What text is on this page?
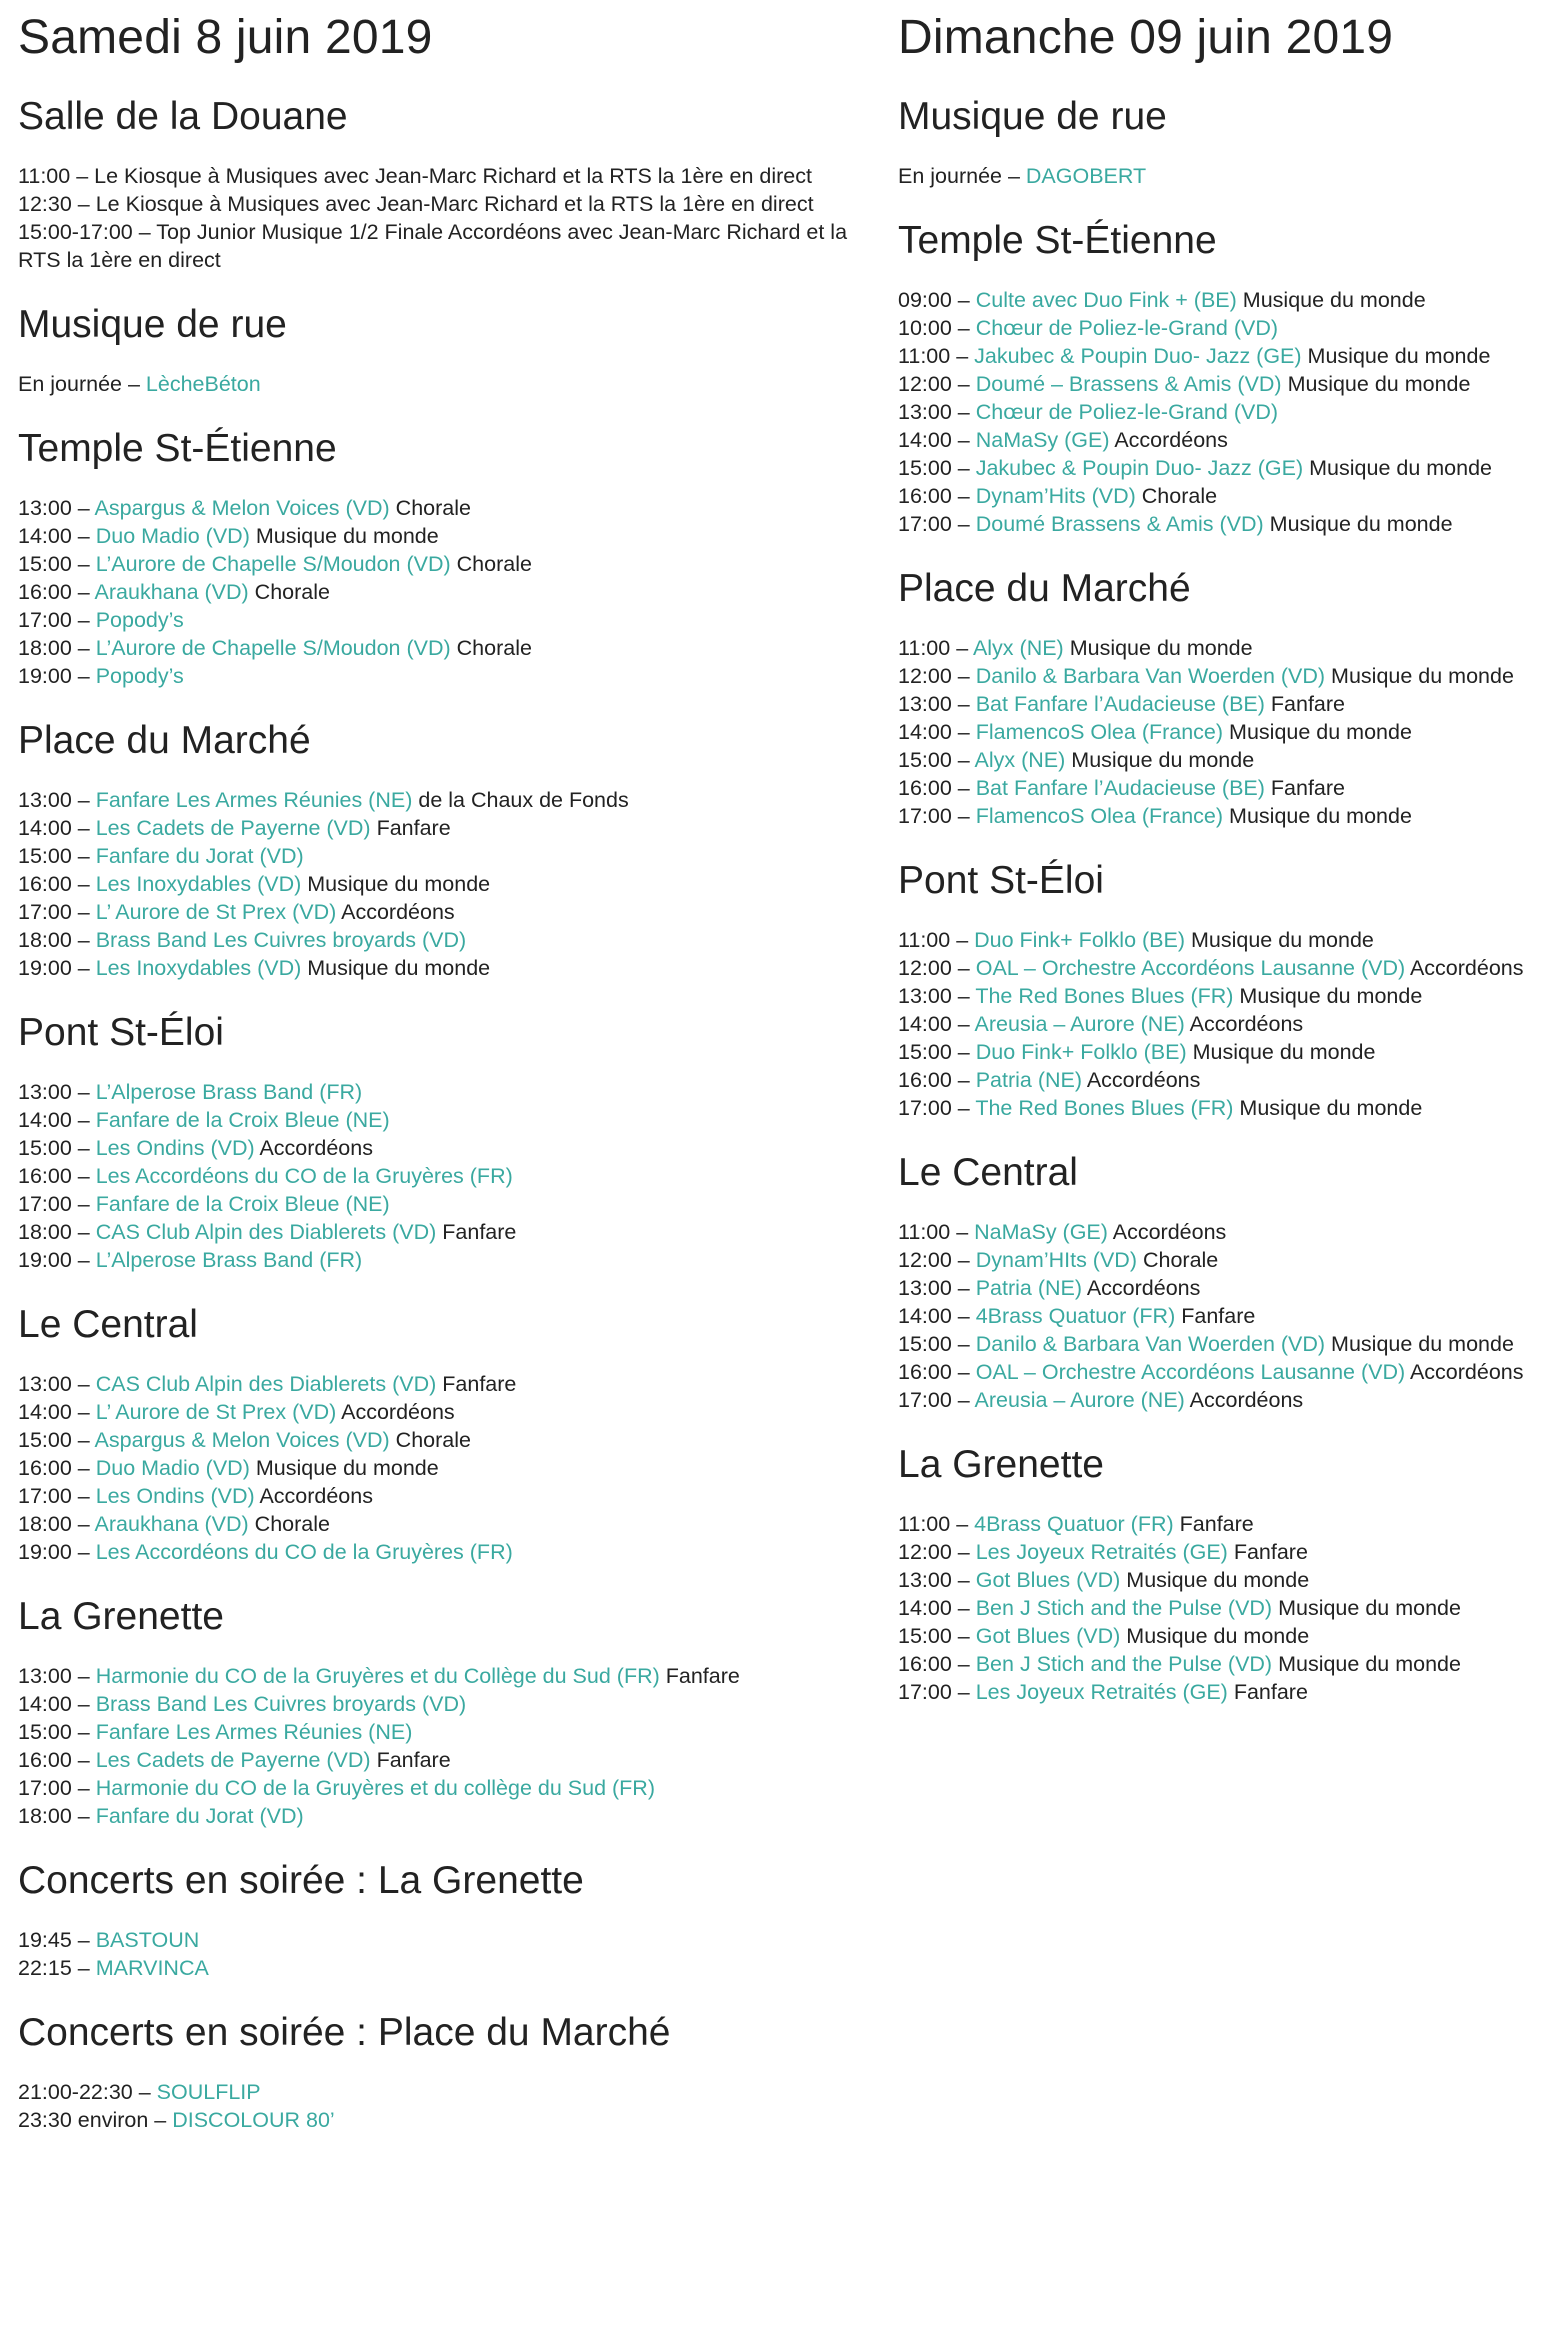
Samedi 8 juin 2019
Salle de la Douane
11:00 – Le Kiosque à Musiques avec Jean-Marc Richard et la RTS la 1ère en direct
12:30 – Le Kiosque à Musiques avec Jean-Marc Richard et la RTS la 1ère en direct
15:00-17:00 – Top Junior Musique 1/2 Finale Accordéons avec Jean-Marc Richard et la RTS la 1ère en direct
Musique de rue
En journée – LècheBéton
Temple St-Étienne
13:00 – Aspargus & Melon Voices (VD) Chorale
14:00 – Duo Madio (VD) Musique du monde
15:00 – L’Aurore de Chapelle S/Moudon (VD) Chorale
16:00 – Araukhana (VD) Chorale
17:00 – Popody’s
18:00 – L’Aurore de Chapelle S/Moudon (VD) Chorale
19:00 – Popody’s
Place du Marché
13:00 – Fanfare Les Armes Réunies (NE) de la Chaux de Fonds
14:00 – Les Cadets de Payerne (VD) Fanfare
15:00 – Fanfare du Jorat (VD)
16:00 – Les Inoxydables (VD) Musique du monde
17:00 – L’ Aurore de St Prex (VD) Accordéons
18:00 – Brass Band Les Cuivres broyards (VD)
19:00 – Les Inoxydables (VD) Musique du monde
Pont St-Éloi
13:00 – L’Alperose Brass Band (FR)
14:00 – Fanfare de la Croix Bleue (NE)
15:00 – Les Ondins (VD) Accordéons
16:00 – Les Accordéons du CO de la Gruyères (FR)
17:00 – Fanfare de la Croix Bleue (NE)
18:00 – CAS Club Alpin des Diablerets (VD) Fanfare
19:00 – L’Alperose Brass Band (FR)
Le Central
13:00 – CAS Club Alpin des Diablerets (VD) Fanfare
14:00 – L’ Aurore de St Prex (VD) Accordéons
15:00 – Aspargus & Melon Voices (VD) Chorale
16:00 – Duo Madio (VD) Musique du monde
17:00 – Les Ondins (VD) Accordéons
18:00 – Araukhana (VD) Chorale
19:00 – Les Accordéons du CO de la Gruyères (FR)
La Grenette
13:00 – Harmonie du CO de la Gruyères et du Collège du Sud (FR) Fanfare
14:00 – Brass Band Les Cuivres broyards (VD)
15:00 – Fanfare Les Armes Réunies (NE)
16:00 – Les Cadets de Payerne (VD) Fanfare
17:00 – Harmonie du CO de la Gruyères et du collège du Sud (FR)
18:00 – Fanfare du Jorat (VD)
Concerts en soirée : La Grenette
19:45 – BASTOUN
22:15 – MARVINCA
Concerts en soirée : Place du Marché
21:00-22:30 – SOULFLIP
23:30 environ – DISCOLOUR 80’
Dimanche 09 juin 2019
Musique de rue
En journée – DAGOBERT
Temple St-Étienne
09:00 – Culte avec Duo Fink + (BE) Musique du monde
10:00 – Chœur de Poliez-le-Grand (VD)
11:00 – Jakubec & Poupin Duo- Jazz (GE) Musique du monde
12:00 – Doumé – Brassens & Amis (VD) Musique du monde
13:00 – Chœur de Poliez-le-Grand (VD)
14:00 – NaMaSy (GE) Accordéons
15:00 – Jakubec & Poupin Duo- Jazz (GE) Musique du monde
16:00 – Dynam’Hits (VD) Chorale
17:00 – Doumé Brassens & Amis (VD) Musique du monde
Place du Marché
11:00 – Alyx (NE) Musique du monde
12:00 – Danilo & Barbara Van Woerden (VD) Musique du monde
13:00 – Bat Fanfare l’Audacieuse (BE) Fanfare
14:00 – FlamencoS Olea (France) Musique du monde
15:00 – Alyx (NE) Musique du monde
16:00 – Bat Fanfare l’Audacieuse (BE) Fanfare
17:00 – FlamencoS Olea (France) Musique du monde
Pont St-Éloi
11:00 – Duo Fink+ Folklo (BE) Musique du monde
12:00 – OAL – Orchestre Accordéons Lausanne (VD) Accordéons
13:00 – The Red Bones Blues (FR) Musique du monde
14:00 – Areusia – Aurore (NE) Accordéons
15:00 – Duo Fink+ Folklo (BE) Musique du monde
16:00 – Patria (NE) Accordéons
17:00 – The Red Bones Blues (FR) Musique du monde
Le Central
11:00 – NaMaSy (GE) Accordéons
12:00 – Dynam’HIts (VD) Chorale
13:00 – Patria (NE) Accordéons
14:00 – 4Brass Quatuor (FR) Fanfare
15:00 – Danilo & Barbara Van Woerden (VD) Musique du monde
16:00 – OAL – Orchestre Accordéons Lausanne (VD) Accordéons
17:00 – Areusia – Aurore (NE) Accordéons
La Grenette
11:00 – 4Brass Quatuor (FR) Fanfare
12:00 – Les Joyeux Retraités (GE) Fanfare
13:00 – Got Blues (VD) Musique du monde
14:00 – Ben J Stich and the Pulse (VD) Musique du monde
15:00 – Got Blues (VD) Musique du monde
16:00 – Ben J Stich and the Pulse (VD) Musique du monde
17:00 – Les Joyeux Retraités (GE) Fanfare
